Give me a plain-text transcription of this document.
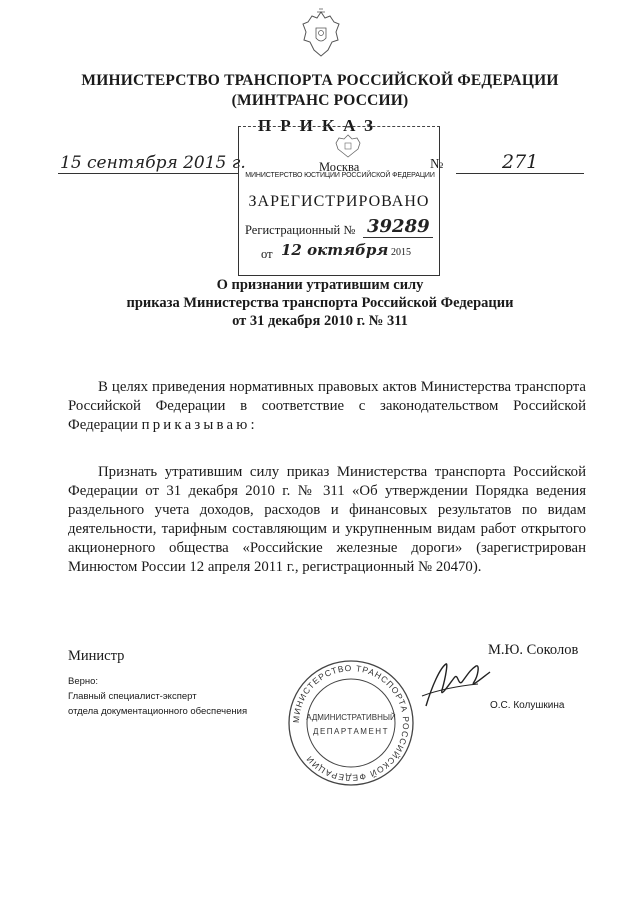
МИНИСТЕРСТВО ТРАНСПОРТА РОССИЙСКОЙ ФЕДЕРАЦИИ
(МИНТРАНС РОССИИ)
ПРИКАЗ
15 сентября 2015 г.	№	271
Москва
МИНИСТЕРСТВО ЮСТИЦИИ РОССИЙСКОЙ ФЕДЕРАЦИИ
ЗАРЕГИСТРИРОВАНО
Регистрационный № 39289
от 12 октября 2015
О признании утратившим силу
приказа Министерства транспорта Российской Федерации
от 31 декабря 2010 г. № 311
В целях приведения нормативных правовых актов Министерства транспорта Российской Федерации в соответствие с законодательством Российской Федерации приказываю:
Признать утратившим силу приказ Министерства транспорта Российской Федерации от 31 декабря 2010 г. № 311 «Об утверждении Порядка ведения раздельного учета доходов, расходов и финансовых результатов по видам деятельности, тарифным составляющим и укрупненным видам работ открытого акционерного общества «Российские железные дороги» (зарегистрирован Минюстом России 12 апреля 2011 г., регистрационный № 20470).
Министр	М.Ю. Соколов
Верно:
Главный специалист-эксперт
отдела документационного обеспечения
О.С. Колушкина
МИНИСТЕРСТВО ТРАНСПОРТА РОССИЙСКОЙ ФЕДЕРАЦИИ
АДМИНИСТРАТИВНЫЙ
ДЕПАРТАМЕНТ
